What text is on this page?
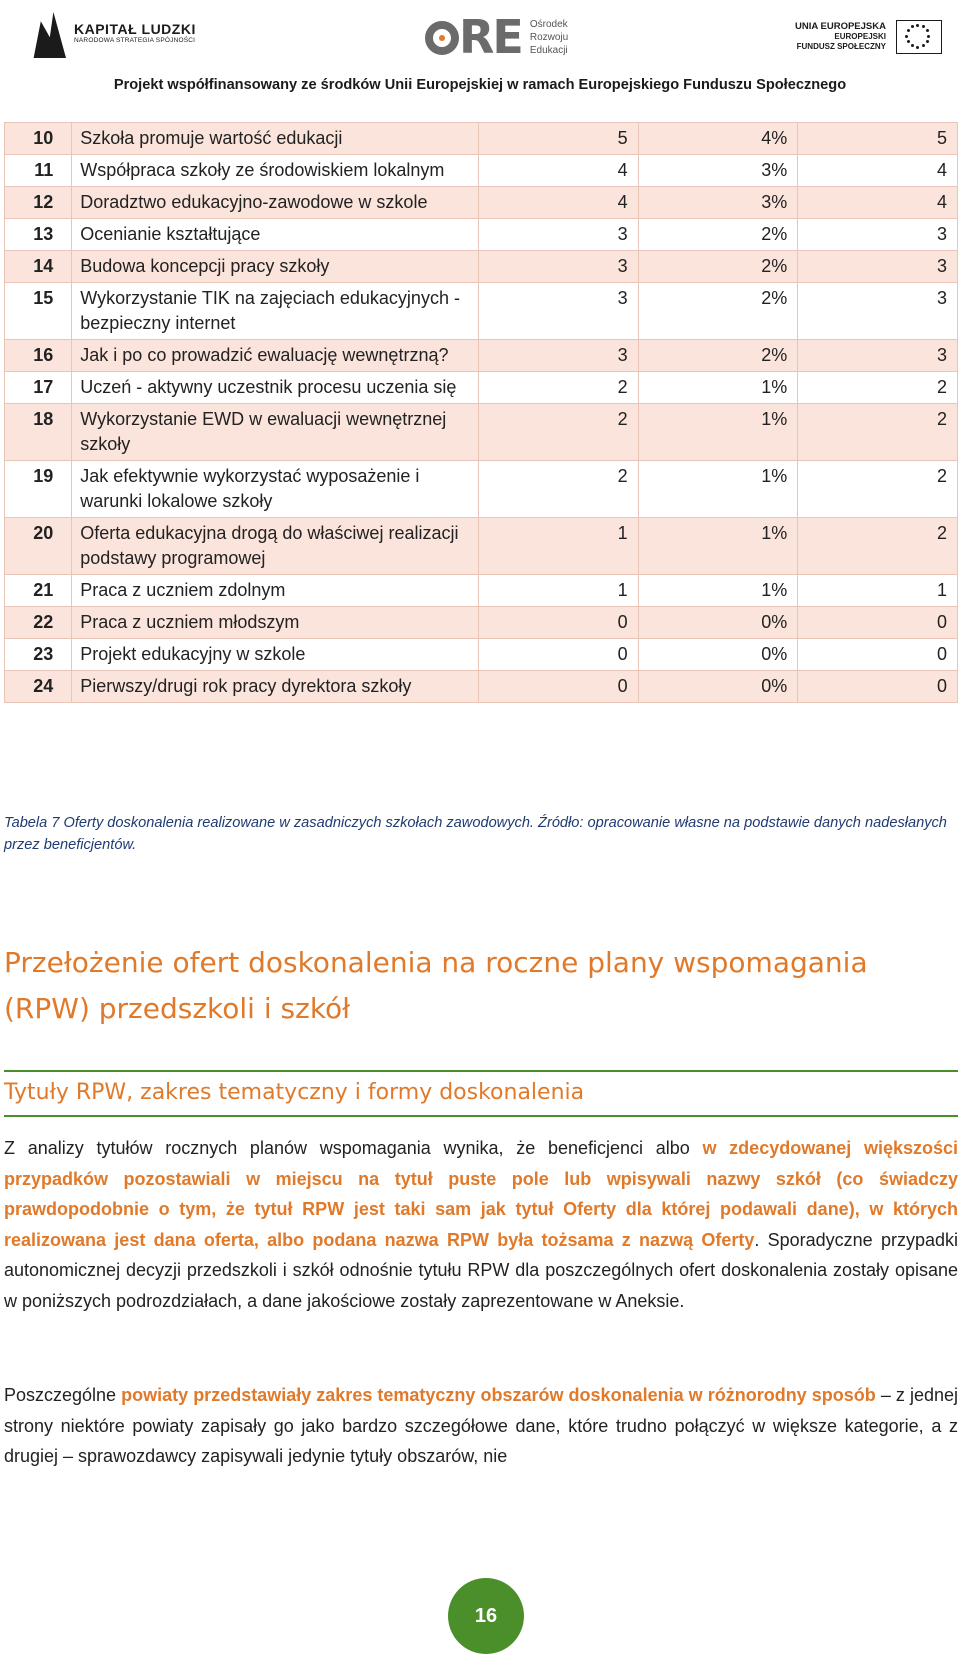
KAPITAŁ LUDZKI
NARODOWA STRATEGIA SPÓJNOŚCI	RE Ośrodek
Rozwoju
Edukacji
UNIA EUROPEJSKA
EUROPEJSKI
FUNDUSZ SPOŁECZNY
Projekt współfinansowany ze środków Unii Europejskiej w ramach Europejskiego Funduszu Społecznego
10	Szkoła promuje wartość edukacji	5	4%	5
11	Współpraca szkoły ze środowiskiem lokalnym	4	3%	4
12	Doradztwo edukacyjno-zawodowe w szkole	4	3%	4
13	Ocenianie kształtujące	3	2%	3
14	Budowa koncepcji pracy szkoły	3	2%	3
15	Wykorzystanie TIK na zajęciach edukacyjnych - bezpieczny internet	3	2%	3
16	Jak i po co prowadzić ewaluację wewnętrzną?	3	2%	3
17	Uczeń - aktywny uczestnik procesu uczenia się	2	1%	2
18	Wykorzystanie EWD w ewaluacji wewnętrznej szkoły	2	1%	2
19	Jak efektywnie wykorzystać wyposażenie i warunki lokalowe szkoły	2	1%	2
20	Oferta edukacyjna drogą do właściwej realizacji podstawy programowej	1	1%	2
21	Praca z uczniem zdolnym	1	1%	1
22	Praca z uczniem młodszym	0	0%	0
23	Projekt edukacyjny w szkole	0	0%	0
24	Pierwszy/drugi rok pracy dyrektora szkoły	0	0%	0
Tabela 7 Oferty doskonalenia realizowane w zasadniczych szkołach zawodowych. Źródło: opracowanie własne na podstawie danych nadesłanych przez beneficjentów.
Przełożenie ofert doskonalenia na roczne plany wspomagania (RPW) przedszkoli i szkół
Tytuły RPW, zakres tematyczny i formy doskonalenia
Z analizy tytułów rocznych planów wspomagania wynika, że beneficjenci albo w zdecydowanej większości przypadków pozostawiali w miejscu na tytuł puste pole lub wpisywali nazwy szkół (co świadczy prawdopodobnie o tym, że tytuł RPW jest taki sam jak tytuł Oferty dla której podawali dane), w których realizowana jest dana oferta, albo podana nazwa RPW była tożsama z nazwą Oferty. Sporadyczne przypadki autonomicznej decyzji przedszkoli i szkół odnośnie tytułu RPW dla poszczególnych ofert doskonalenia zostały opisane w poniższych podrozdziałach, a dane jakościowe zostały zaprezentowane w Aneksie.
Poszczególne powiaty przedstawiały zakres tematyczny obszarów doskonalenia w różnorodny sposób – z jednej strony niektóre powiaty zapisały go jako bardzo szczegółowe dane, które trudno połączyć w większe kategorie, a z drugiej – sprawozdawcy zapisywali jedynie tytuły obszarów, nie
16
